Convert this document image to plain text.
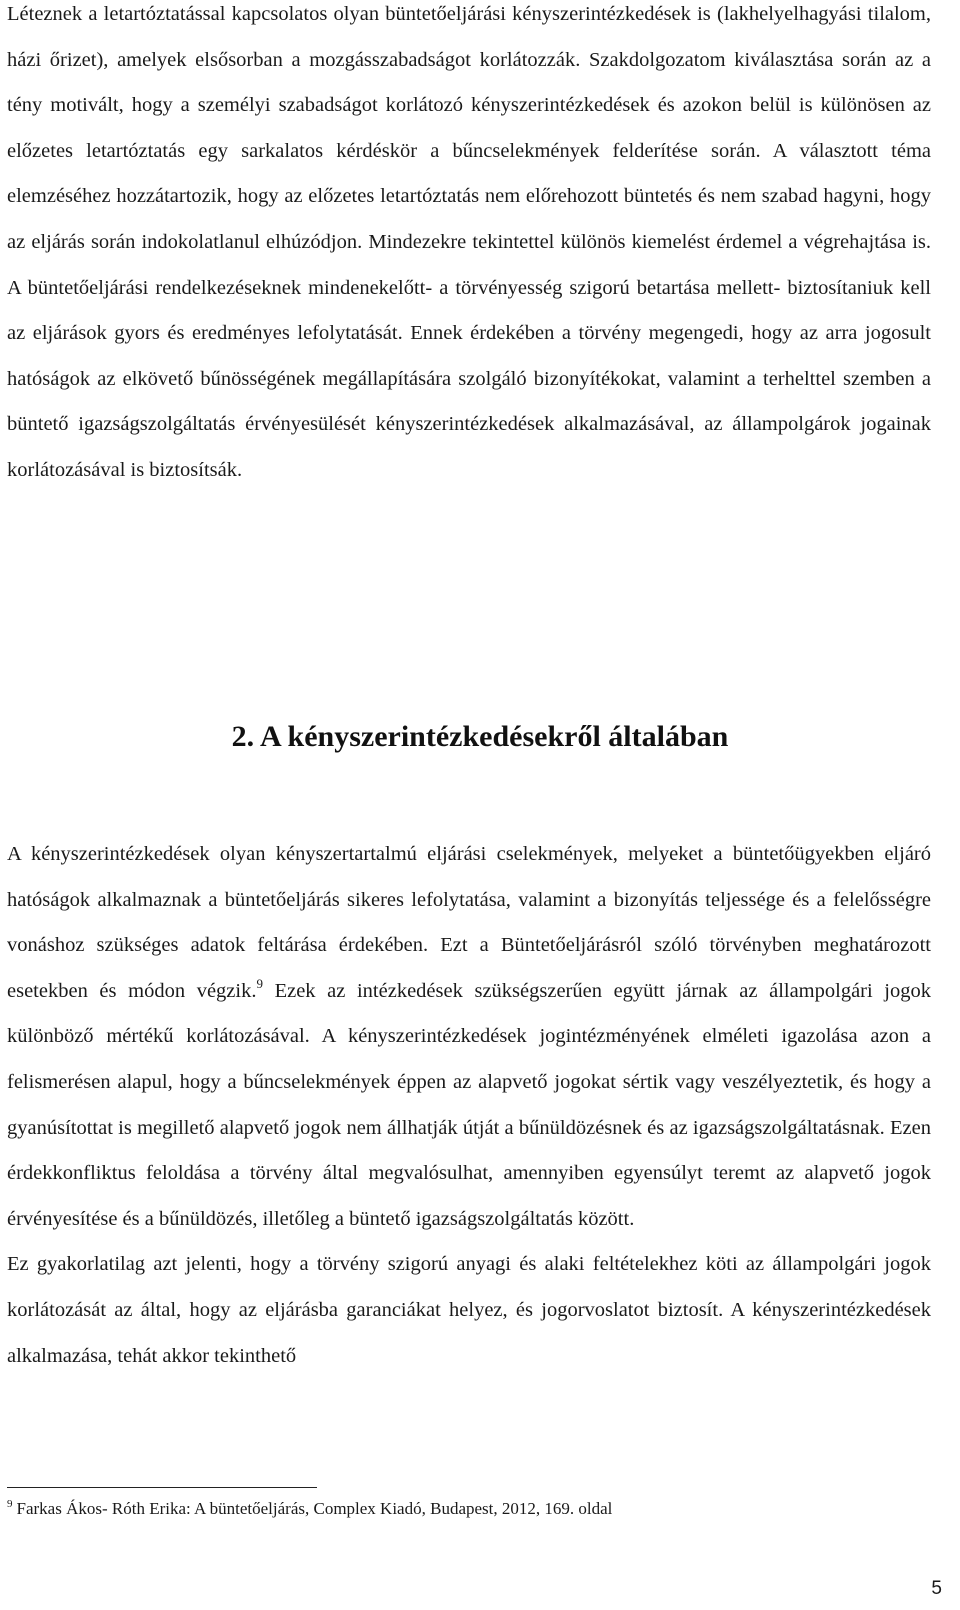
Léteznek a letartóztatással kapcsolatos olyan büntetőeljárási kényszerintézkedések is (lakhelyelhagyási tilalom, házi őrizet), amelyek elsősorban a mozgásszabadságot korlátozzák. Szakdolgozatom kiválasztása során az a tény motivált, hogy a személyi szabadságot korlátozó kényszerintézkedések és azokon belül is különösen az előzetes letartóztatás egy sarkalatos kérdéskör a bűncselekmények felderítése során. A választott téma elemzéséhez hozzátartozik, hogy az előzetes letartóztatás nem előrehozott büntetés és nem szabad hagyni, hogy az eljárás során indokolatlanul elhúzódjon. Mindezekre tekintettel különös kiemelést érdemel a végrehajtása is. A büntetőeljárási rendelkezéseknek mindenekelőtt- a törvényesség szigorú betartása mellett- biztosítaniuk kell az eljárások gyors és eredményes lefolytatását. Ennek érdekében a törvény megengedi, hogy az arra jogosult hatóságok az elkövető bűnösségének megállapítására szolgáló bizonyítékokat, valamint a terhelttel szemben a büntető igazságszolgáltatás érvényesülését kényszerintézkedések alkalmazásával, az állampolgárok jogainak korlátozásával is biztosítsák.

2. A kényszerintézkedésekről általában
A kényszerintézkedések olyan kényszertartalmú eljárási cselekmények, melyeket a büntetőügyekben eljáró hatóságok alkalmaznak a büntetőeljárás sikeres lefolytatása, valamint a bizonyítás teljessége és a felelősségre vonáshoz szükséges adatok feltárása érdekében. Ezt a Büntetőeljárásról szóló törvényben meghatározott esetekben és módon végzik.$^9$ Ezek az intézkedések szükségszerűen együtt járnak az állampolgári jogok különböző mértékű korlátozásával. A kényszerintézkedések jogintézményének elméleti igazolása azon a felismerésen alapul, hogy a bűncselekmények éppen az alapvető jogokat sértik vagy veszélyeztetik, és hogy a gyanúsítottat is megillető alapvető jogok nem állhatják útját a bűnüldözésnek és az igazságszolgáltatásnak. Ezen érdekkonfliktus feloldása a törvény által megvalósulhat, amennyiben egyensúlyt teremt az alapvető jogok érvényesítése és a bűnüldözés, illetőleg a büntető igazságszolgáltatás között.
Ez gyakorlatilag azt jelenti, hogy a törvény szigorú anyagi és alaki feltételekhez köti az állampolgári jogok korlátozását az által, hogy az eljárásba garanciákat helyez, és jogorvoslatot biztosít. A kényszerintézkedések alkalmazása, tehát akkor tekinthető

$^9$ Farkas Ákos- Róth Erika: A büntetőeljárás, Complex Kiadó, Budapest, 2012, 169. oldal

5
